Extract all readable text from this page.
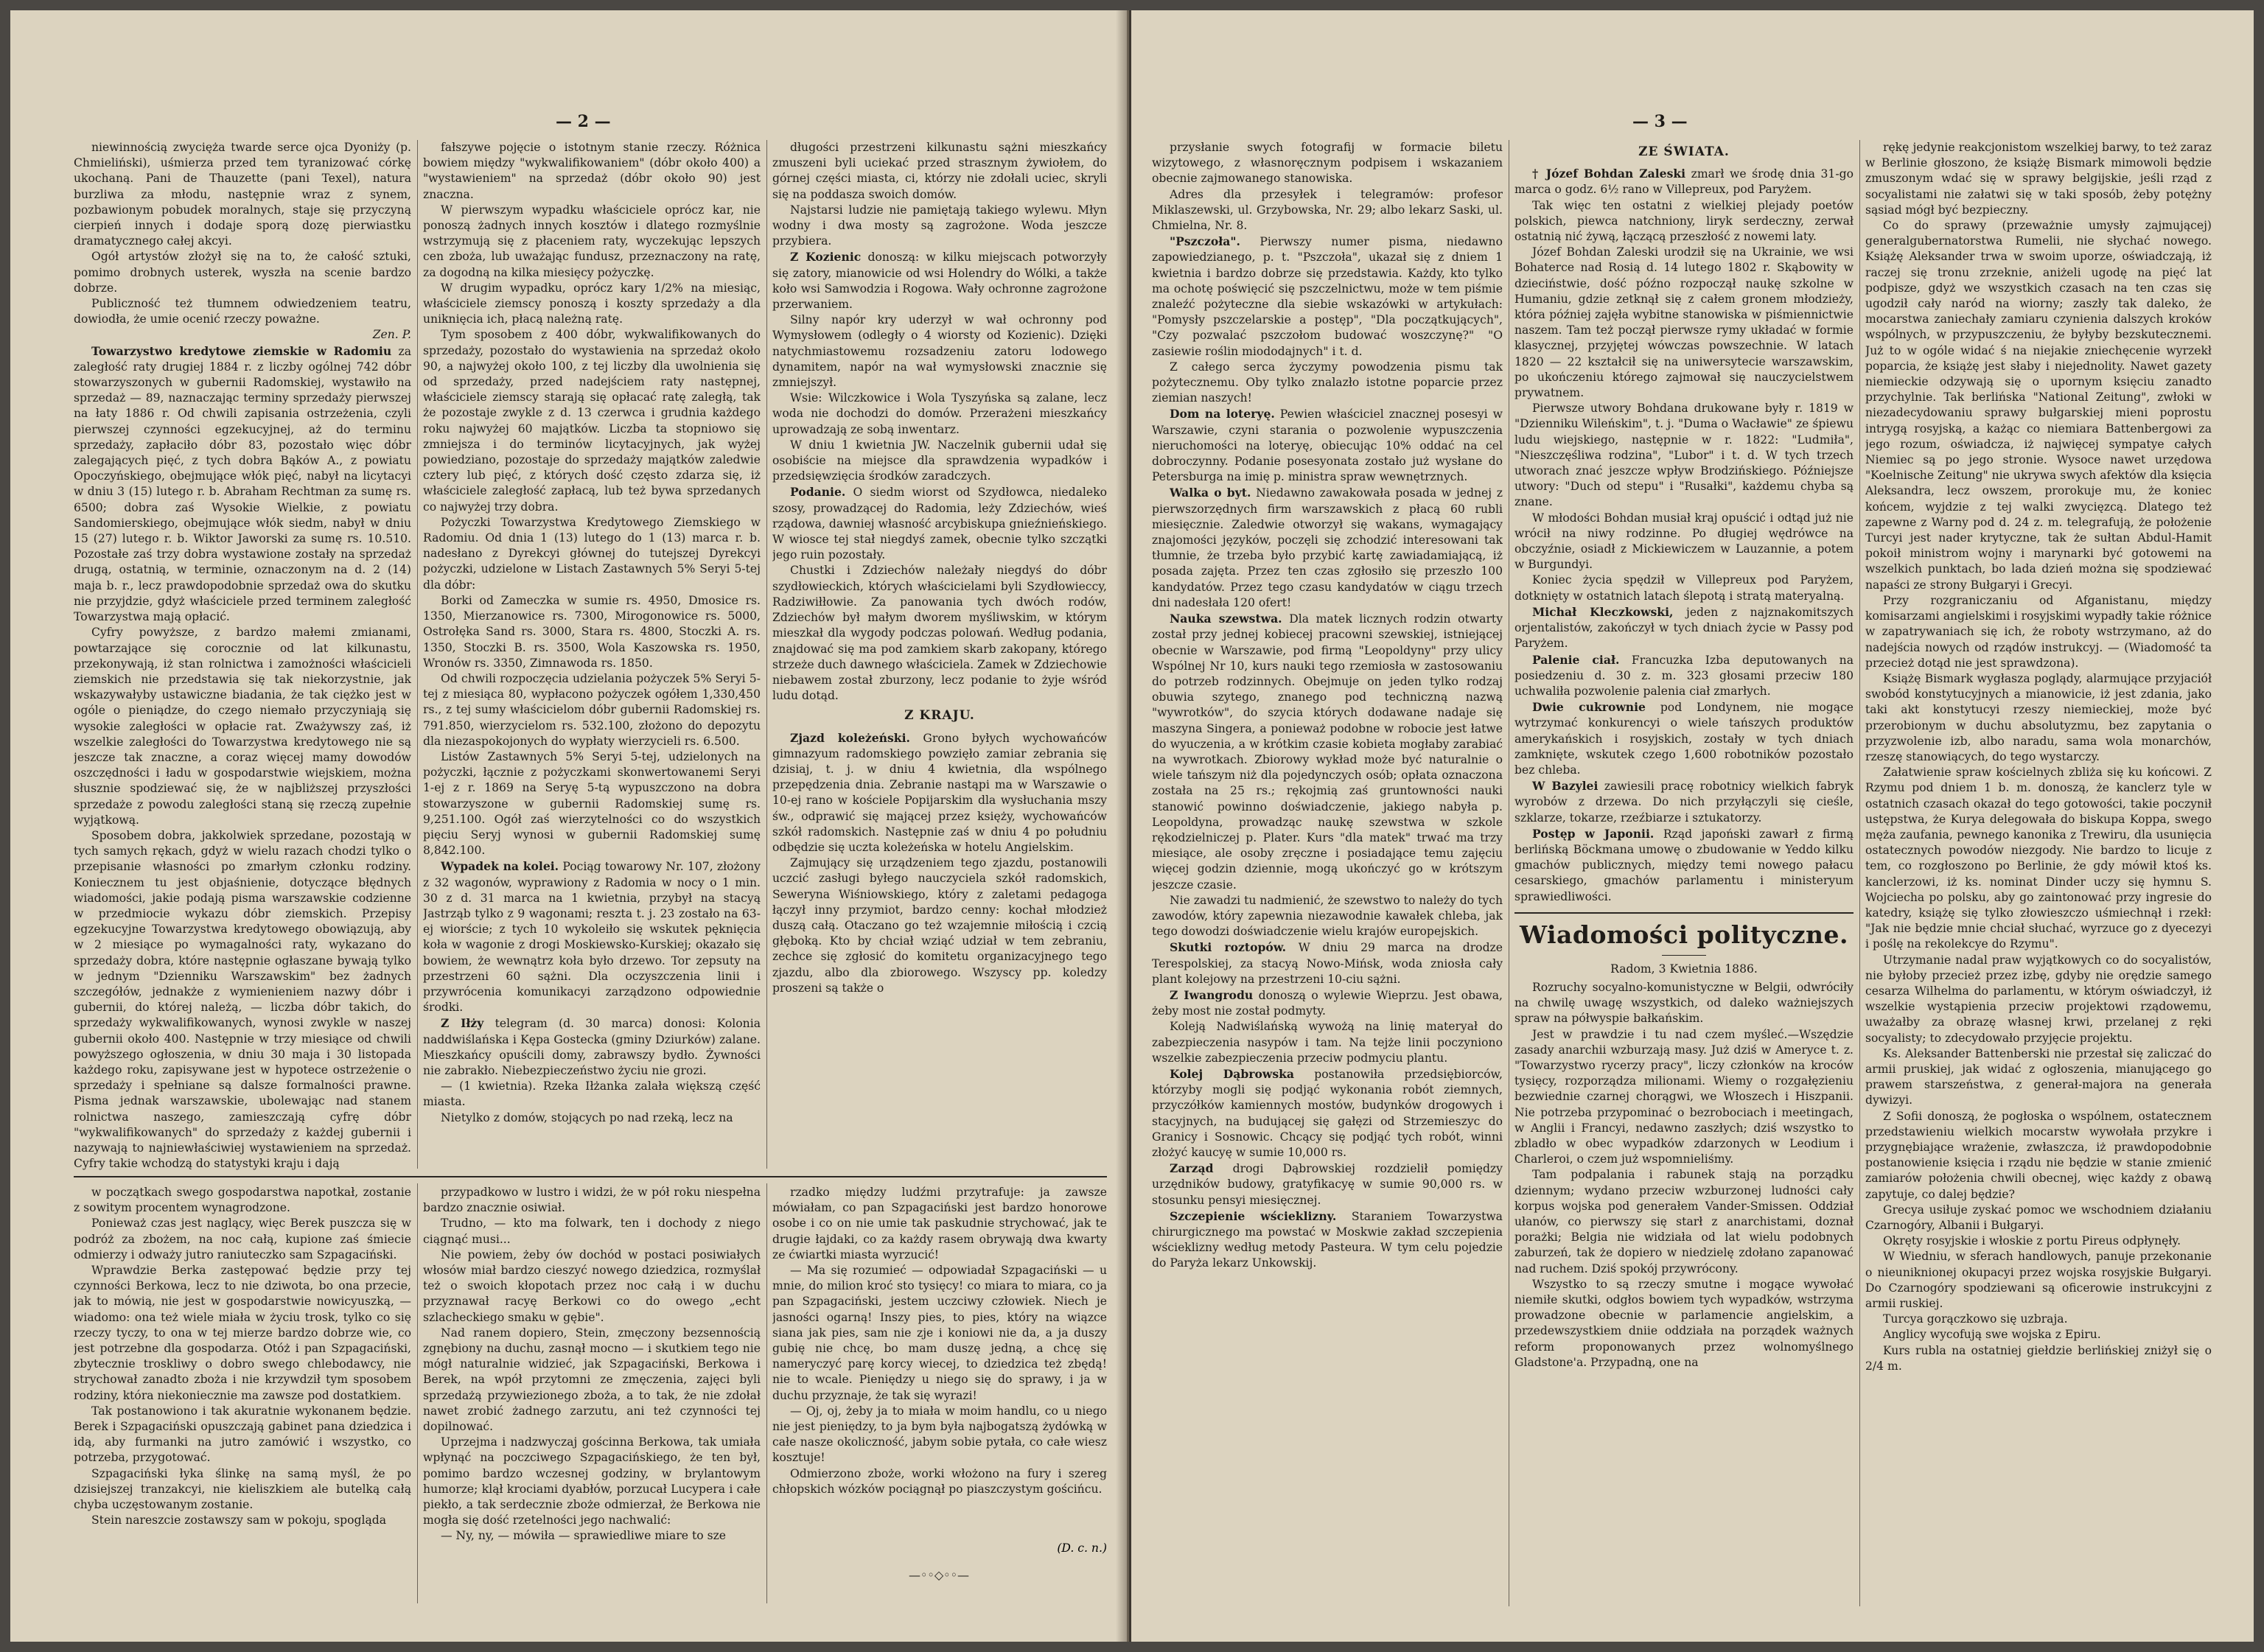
— 2 —

niewinnością zwycięża twarde serce ojca Dyoniży (p. Chmieliński), uśmierza przed tem tyranizować córkę ukochaną. Pani de Thauzette (pani Texel), natura burzliwa za młodu, następnie wraz z synem, pozbawionym pobudek moralnych, staje się przyczyną cierpień innych i dodaje sporą dozę pierwiastku dramatycznego całej akcyi.

Ogół artystów złożył się na to, że całość sztuki, pomimo drobnych usterek, wyszła na scenie bardzo dobrze.

Publiczność też tłumnem odwiedzeniem teatru, dowiodła, że umie ocenić rzeczy poważne.

Zen. P.

Towarzystwo kredytowe ziemskie w Radomiu za zaległość raty drugiej 1884 r. z liczby ogólnej 742 dóbr stowarzyszonych w gubernii Radomskiej, wystawiło na sprzedaż — 89, naznaczając terminy sprzedaży pierwszej na łaty 1886 r. Od chwili zapisania ostrzeżenia, czyli pierwszej czynności egzekucyjnej, aż do terminu sprzedaży, zapłaciło dóbr 83, pozostało więc dóbr zalegających pięć, z tych dobra Bąków A., z powiatu Opoczyńskiego, obejmujące włók pięć, nabył na licytacyi w dniu 3 (15) lutego r. b. Abraham Rechtman za sumę rs. 6500; dobra zaś Wysokie Wielkie, z powiatu Sandomierskiego, obejmujące włók siedm, nabył w dniu 15 (27) lutego r. b. Wiktor Jaworski za sumę rs. 10.510. Pozostałe zaś trzy dobra wystawione zostały na sprzedaż drugą, ostatnią, w terminie, oznaczonym na d. 2 (14) maja b. r., lecz prawdopodobnie sprzedaż owa do skutku nie przyjdzie, gdyż właściciele przed terminem zaległość Towarzystwa mają opłacić.

Cyfry powyższe, z bardzo małemi zmianami, powtarzające się corocznie od lat kilkunastu, przekonywają, iż stan rolnictwa i zamożności właścicieli ziemskich nie przedstawia się tak niekorzystnie, jak wskazywałyby ustawiczne biadania, że tak ciężko jest w ogóle o pieniądze, do czego niemało przyczyniają się wysokie zaległości w opłacie rat. Zważywszy zaś, iż wszelkie zaległości do Towarzystwa kredytowego nie są jeszcze tak znaczne, a coraz więcej mamy dowodów oszczędności i ładu w gospodarstwie wiejskiem, można słusznie spodziewać się, że w najbliższej przyszłości sprzedaże z powodu zaległości staną się rzeczą zupełnie wyjątkową.

Sposobem dobra, jakkolwiek sprzedane, pozostają w tych samych rękach, gdyż w wielu razach chodzi tylko o przepisanie własności po zmarłym członku rodziny. Koniecznem tu jest objaśnienie, dotyczące błędnych wiadomości, jakie podają pisma warszawskie codzienne w przedmiocie wykazu dóbr ziemskich. Przepisy egzekucyjne Towarzystwa kredytowego obowiązują, aby w 2 miesiące po wymagalności raty, wykazano do sprzedaży dobra, które następnie ogłaszane bywają tylko w jednym "Dzienniku Warszawskim" bez żadnych szczegółów, jednakże z wymienieniem nazwy dóbr i gubernii, do której należą, — liczba dóbr takich, do sprzedaży wykwalifikowanych, wynosi zwykle w naszej gubernii około 400. Następnie w trzy miesiące od chwili powyższego ogłoszenia, w dniu 30 maja i 30 listopada każdego roku, zapisywane jest w hypotece ostrzeżenie o sprzedaży i spełniane są dalsze formalności prawne. Pisma jednak warszawskie, ubolewając nad stanem rolnictwa naszego, zamieszczają cyfrę dóbr "wykwalifikowanych" do sprzedaży z każdej gubernii i nazywają to najniewłaściwiej wystawieniem na sprzedaż. Cyfry takie wchodzą do statystyki kraju i dają

fałszywe pojęcie o istotnym stanie rzeczy. Różnica bowiem między "wykwalifikowaniem" (dóbr około 400) a "wystawieniem" na sprzedaż (dóbr około 90) jest znaczna.

W pierwszym wypadku właściciele oprócz kar, nie ponoszą żadnych innych kosztów i dlatego rozmyślnie wstrzymują się z płaceniem raty, wyczekując lepszych cen zboża, lub uważając fundusz, przeznaczony na ratę, za dogodną na kilka miesięcy pożyczkę.

W drugim wypadku, oprócz kary 1/2% na miesiąc, właściciele ziemscy ponoszą i koszty sprzedaży a dla uniknięcia ich, płacą należną ratę.

Tym sposobem z 400 dóbr, wykwalifikowanych do sprzedaży, pozostało do wystawienia na sprzedaż około 90, a najwyżej około 100, z tej liczby dla uwolnienia się od sprzedaży, przed nadejściem raty następnej, właściciele ziemscy starają się opłacać ratę zaległą, tak że pozostaje zwykle z d. 13 czerwca i grudnia każdego roku najwyżej 60 majątków. Liczba ta stopniowo się zmniejsza i do terminów licytacyjnych, jak wyżej powiedziano, pozostaje do sprzedaży majątków zaledwie cztery lub pięć, z których dość często zdarza się, iż właściciele zaległość zapłacą, lub też bywa sprzedanych co najwyżej trzy dobra.

Pożyczki Towarzystwa Kredytowego Ziemskiego w Radomiu. Od dnia 1 (13) lutego do 1 (13) marca r. b. nadesłano z Dyrekcyi głównej do tutejszej Dyrekcyi pożyczki, udzielone w Listach Zastawnych 5% Seryi 5-tej dla dóbr:

Borki od Zameczka w sumie rs. 4950, Dmosice rs. 1350, Mierzanowice rs. 7300, Mirogonowice rs. 5000, Ostrołęka Sand rs. 3000, Stara rs. 4800, Stoczki A. rs. 1350, Stoczki B. rs. 3500, Wola Kaszowska rs. 1950, Wronów rs. 3350, Zimnawoda rs. 1850.

Od chwili rozpoczęcia udzielania pożyczek 5% Seryi 5-tej z miesiąca 80, wypłacono pożyczek ogółem 1,330,450 rs., z tej sumy właścicielom dóbr gubernii Radomskiej rs. 791.850, wierzycielom rs. 532.100, złożono do depozytu dla niezaspokojonych do wypłaty wierzycieli rs. 6.500.

Listów Zastawnych 5% Seryi 5-tej, udzielonych na pożyczki, łącznie z pożyczkami skonwertowanemi Seryi 1-ej z r. 1869 na Seryę 5-tą wypuszczono na dobra stowarzyszone w gubernii Radomskiej sumę rs. 9,251.100. Ogół zaś wierzytelności co do wszystkich pięciu Seryj wynosi w gubernii Radomskiej sumę 8,842.100.

Wypadek na kolei. Pociąg towarowy Nr. 107, złożony z 32 wagonów, wyprawiony z Radomia w nocy o 1 min. 30 z d. 31 marca na 1 kwietnia, przybył na stacyą Jastrząb tylko z 9 wagonami; reszta t. j. 23 zostało na 63-ej wiorście; z tych 10 wykoleiło się wskutek pęknięcia koła w wagonie z drogi Moskiewsko-Kurskiej; okazało się bowiem, że wewnątrz koła było drzewo. Tor zepsuty na przestrzeni 60 sążni. Dla oczyszczenia linii i przywrócenia komunikacyi zarządzono odpowiednie środki.

Z Iłży telegram (d. 30 marca) donosi: Kolonia naddwiślańska i Kępa Gostecka (gminy Dziurków) zalane. Mieszkańcy opuścili domy, zabrawszy bydło. Żywności nie zabrakło. Niebezpieczeństwo życiu nie grozi.

— (1 kwietnia). Rzeka Iłżanka zalała większą część miasta.

Nietylko z domów, stojących po nad rzeką, lecz na

długości przestrzeni kilkunastu sążni mieszkańcy zmuszeni byli uciekać przed strasznym żywiołem, do górnej części miasta, ci, którzy nie zdołali uciec, skryli się na poddasza swoich domów.

Najstarsi ludzie nie pamiętają takiego wylewu. Młyn wodny i dwa mosty są zagrożone. Woda jeszcze przybiera.

Z Kozienic donoszą: w kilku miejscach potworzyły się zatory, mianowicie od wsi Holendry do Wólki, a także koło wsi Samwodzia i Rogowa. Wały ochronne zagrożone przerwaniem.

Silny napór kry uderzył w wał ochronny pod Wymysłowem (odległy o 4 wiorsty od Kozienic). Dzięki natychmiastowemu rozsadzeniu zatoru lodowego dynamitem, napór na wał wymysłowski znacznie się zmniejszył.

Wsie: Wilczkowice i Wola Tyszyńska są zalane, lecz woda nie dochodzi do domów. Przerażeni mieszkańcy uprowadzają ze sobą inwentarz.

W dniu 1 kwietnia JW. Naczelnik gubernii udał się osobiście na miejsce dla sprawdzenia wypadków i przedsięwzięcia środków zaradczych.

Podanie. O siedm wiorst od Szydłowca, niedaleko szosy, prowadzącej do Radomia, leży Zdziechów, wieś rządowa, dawniej własność arcybiskupa gnieźnieńskiego. W wiosce tej stał niegdyś zamek, obecnie tylko szczątki jego ruin pozostały.

Chustki i Zdziechów należały niegdyś do dóbr szydłowieckich, których właścicielami byli Szydłowieccy, Radziwiłłowie. Za panowania tych dwóch rodów, Zdziechów był małym dworem myśliwskim, w którym mieszkał dla wygody podczas polowań. Według podania, znajdować się ma pod zamkiem skarb zakopany, którego strzeże duch dawnego właściciela. Zamek w Zdziechowie niebawem został zburzony, lecz podanie to żyje wśród ludu dotąd.

Z KRAJU.

Zjazd koleżeński. Grono byłych wychowańców gimnazyum radomskiego powzięło zamiar zebrania się dzisiaj, t. j. w dniu 4 kwietnia, dla wspólnego przepędzenia dnia. Zebranie nastąpi ma w Warszawie o 10-ej rano w kościele Popijarskim dla wysłuchania mszy św., odprawić się mającej przez księży, wychowańców szkół radomskich. Następnie zaś w dniu 4 po południu odbędzie się uczta koleżeńska w hotelu Angielskim.

Zajmujący się urządzeniem tego zjazdu, postanowili uczcić zasługi byłego nauczyciela szkół radomskich, Seweryna Wiśniowskiego, który z zaletami pedagoga łączył inny przymiot, bardzo cenny: kochał młodzież duszą całą. Otaczano go też wzajemnie miłością i czcią głęboką. Kto by chciał wziąć udział w tem zebraniu, zechce się zgłosić do komitetu organizacyjnego tego zjazdu, albo dla zbiorowego. Wszyscy pp. koledzy proszeni są także o

w początkach swego gospodarstwa napotkał, zostanie z sowitym procentem wynagrodzone.

Ponieważ czas jest naglący, więc Berek puszcza się w podróż za zbożem, na noc całą, kupione zaś śmiecie odmierzy i odważy jutro raniuteczko sam Szpagaciński.

Wprawdzie Berka zastępować będzie przy tej czynności Berkowa, lecz to nie dziwota, bo ona przecie, jak to mówią, nie jest w gospodarstwie nowicyuszką, — wiadomo: ona też wiele miała w życiu trosk, tylko co się rzeczy tyczy, to ona w tej mierze bardzo dobrze wie, co jest potrzebne dla gospodarza. Otóż i pan Szpagaciński, zbytecznie troskliwy o dobro swego chlebodawcy, nie strychował zanadto zboża i nie krzywdził tym sposobem rodziny, która niekoniecznie ma zawsze pod dostatkiem.

Tak postanowiono i tak akuratnie wykonanem będzie. Berek i Szpagaciński opuszczają gabinet pana dziedzica i idą, aby furmanki na jutro zamówić i wszystko, co potrzeba, przygotować.

Szpagaciński łyka ślinkę na samą myśl, że po dzisiejszej tranzakcyi, nie kieliszkiem ale butelką całą chyba uczęstowanym zostanie.

Stein nareszcie zostawszy sam w pokoju, spogląda

przypadkowo w lustro i widzi, że w pół roku niespełna bardzo znacznie osiwiał.

Trudno, — kto ma folwark, ten i dochody z niego ciągnąć musi...

Nie powiem, żeby ów dochód w postaci posiwiałych włosów miał bardzo cieszyć nowego dziedzica, rozmyślał też o swoich kłopotach przez noc całą i w duchu przyznawał racyę Berkowi co do owego „echt szlacheckiego smaku w gębie".

Nad ranem dopiero, Stein, zmęczony bezsennością zgnębiony na duchu, zasnął mocno — i skutkiem tego nie mógł naturalnie widzieć, jak Szpagaciński, Berkowa i Berek, na wpół przytomni ze zmęczenia, zajęci byli sprzedażą przywiezionego zboża, a to tak, że nie zdołał nawet zrobić żadnego zarzutu, ani też czynności tej dopilnować.

Uprzejma i nadzwyczaj gościnna Berkowa, tak umiała wpłynąć na poczciwego Szpagacińskiego, że ten był, pomimo bardzo wczesnej godziny, w brylantowym humorze; klął krociami dyabłów, porzucał Lucypera i całe piekło, a tak serdecznie zboże odmierzał, że Berkowa nie mogła się dość rzetelności jego nachwalić:

— Ny, ny, — mówiła — sprawiedliwe miare to sze

rzadko między ludźmi przytrafuje: ja zawsze mówiałam, co pan Szpagaciński jest bardzo honorowe osobe i co on nie umie tak paskudnie strychować, jak te drugie łajdaki, co za każdy rasem obrywają dwa kwarty ze ćwiartki miasta wyrzucić!

— Ma się rozumieć — odpowiadał Szpagaciński — u mnie, do milion kroć sto tysięcy! co miara to miara, co ja pan Szpagaciński, jestem uczciwy człowiek. Niech je jasności ogarną! Inszy pies, to pies, który na wiązce siana jak pies, sam nie zje i koniowi nie da, a ja duszy gubię nie chcę, bo mam duszę jedną, a chcę się nameryczyć parę korcy wiecej, to dziedzica też zbędą! nie to wcale. Pieniędzy u niego się do sprawy, i ja w duchu przyznaje, że tak się wyrazi!

— Oj, oj, żeby ja to miała w moim handlu, co u niego nie jest pieniędzy, to ja bym była najbogatszą żydówką w całe nasze okoliczność, jabym sobie pytała, co całe wiesz kosztuje!

Odmierzono zboże, worki włożono na fury i szereg chłopskich wózków pociągnął po piaszczystym gościńcu.

(D. c. n.)
—◦◦◇◦◦—
— 3 —

przysłanie swych fotografij w formacie biletu wizytowego, z własnoręcznym podpisem i wskazaniem obecnie zajmowanego stanowiska.

Adres dla przesyłek i telegramów: profesor Miklaszewski, ul. Grzybowska, Nr. 29; albo lekarz Saski, ul. Chmielna, Nr. 8.

"Pszczoła". Pierwszy numer pisma, niedawno zapowiedzianego, p. t. "Pszczoła", ukazał się z dniem 1 kwietnia i bardzo dobrze się przedstawia. Każdy, kto tylko ma ochotę poświęcić się pszczelnictwu, może w tem piśmie znaleźć pożyteczne dla siebie wskazówki w artykułach: "Pomysły pszczelarskie a postęp", "Dla początkujących", "Czy pozwalać pszczołom budować woszczynę?" "O zasiewie roślin miododajnych" i t. d.

Z całego serca życzymy powodzenia pismu tak pożytecznemu. Oby tylko znalazło istotne poparcie przez ziemian naszych!

Dom na loteryę. Pewien właściciel znacznej posesyi w Warszawie, czyni starania o pozwolenie wypuszczenia nieruchomości na loteryę, obiecując 10% oddać na cel dobroczynny. Podanie posesyonata zostało już wysłane do Petersburga na imię p. ministra spraw wewnętrznych.

Walka o byt. Niedawno zawakowała posada w jednej z pierwszorzędnych firm warszawskich z płacą 60 rubli miesięcznie. Zaledwie otworzył się wakans, wymagający znajomości języków, poczęli się zchodzić interesowani tak tłumnie, że trzeba było przybić kartę zawiadamiającą, iż posada zajęta. Przez ten czas zgłosiło się przeszło 100 kandydatów. Przez tego czasu kandydatów w ciągu trzech dni nadesłała 120 ofert!

Nauka szewstwa. Dla matek licznych rodzin otwarty został przy jednej kobiecej pracowni szewskiej, istniejącej obecnie w Warszawie, pod firmą "Leopoldyny" przy ulicy Wspólnej Nr 10, kurs nauki tego rzemiosła w zastosowaniu do potrzeb rodzinnych. Obejmuje on jeden tylko rodzaj obuwia szytego, znanego pod techniczną nazwą "wywrotków", do szycia których dodawane nadaje się maszyna Singera, a ponieważ podobne w robocie jest łatwe do wyuczenia, a w krótkim czasie kobieta mogłaby zarabiać na wywrotkach. Zbiorowy wykład może być naturalnie o wiele tańszym niż dla pojedynczych osób; opłata oznaczona została na 25 rs.; rękojmią zaś gruntowności nauki stanowić powinno doświadczenie, jakiego nabyła p. Leopoldyna, prowadząc naukę szewstwa w szkole rękodzielniczej p. Plater. Kurs "dla matek" trwać ma trzy miesiące, ale osoby zręczne i posiadające temu zajęciu więcej godzin dziennie, mogą ukończyć go w krótszym jeszcze czasie.

Nie zawadzi tu nadmienić, że szewstwo to należy do tych zawodów, który zapewnia niezawodnie kawałek chleba, jak tego dowodzi doświadczenie wielu krajów europejskich.

Skutki roztopów. W dniu 29 marca na drodze Terespolskiej, za stacyą Nowo-Mińsk, woda zniosła cały plant kolejowy na przestrzeni 10-ciu sążni.

Z Iwangrodu donoszą o wylewie Wieprzu. Jest obawa, żeby most nie został podmyty.

Koleją Nadwiślańską wywożą na linię materyał do zabezpieczenia nasypów i tam. Na tejże linii poczyniono wszelkie zabezpieczenia przeciw podmyciu plantu.

Kolej Dąbrowska postanowiła przedsiębiorców, którzyby mogli się podjąć wykonania robót ziemnych, przyczółków kamiennych mostów, budynków drogowych i stacyjnych, na budującej się gałęzi od Strzemieszyc do Granicy i Sosnowic. Chcący się podjąć tych robót, winni złożyć kaucyę w sumie 10,000 rs.

Zarząd drogi Dąbrowskiej rozdzielił pomiędzy urzędników budowy, gratyfikacyę w sumie 90,000 rs. w stosunku pensyi miesięcznej.

Szczepienie wścieklizny. Staraniem Towarzystwa chirurgicznego ma powstać w Moskwie zakład szczepienia wścieklizny według metody Pasteura. W tym celu pojedzie do Paryża lekarz Unkowskij.

ZE ŚWIATA.

† Józef Bohdan Zaleski zmarł we środę dnia 31-go marca o godz. 6½ rano w Villepreux, pod Paryżem.

Tak więc ten ostatni z wielkiej plejady poetów polskich, piewca natchniony, liryk serdeczny, zerwał ostatnią nić żywą, łączącą przeszłość z nowemi laty.

Józef Bohdan Zaleski urodził się na Ukrainie, we wsi Bohaterce nad Rosią d. 14 lutego 1802 r. Skąbowity w dzieciństwie, dość późno rozpoczął naukę szkolne w Humaniu, gdzie zetknął się z całem gronem młodzieży, która później zajęła wybitne stanowiska w piśmiennictwie naszem. Tam też począł pierwsze rymy układać w formie klasycznej, przyjętej wówczas powszechnie. W latach 1820 — 22 kształcił się na uniwersytecie warszawskim, po ukończeniu którego zajmował się nauczycielstwem prywatnem.

Pierwsze utwory Bohdana drukowane były r. 1819 w "Dzienniku Wileńskim", t. j. "Duma o Wacławie" ze śpiewu ludu wiejskiego, następnie w r. 1822: "Ludmiła", "Nieszczęśliwa rodzina", "Lubor" i t. d. W tych trzech utworach znać jeszcze wpływ Brodzińskiego. Późniejsze utwory: "Duch od stepu" i "Rusałki", każdemu chyba są znane.

W młodości Bohdan musiał kraj opuścić i odtąd już nie wrócił na niwy rodzinne. Po długiej wędrówce na obczyźnie, osiadł z Mickiewiczem w Lauzannie, a potem w Burgundyi.

Koniec życia spędził w Villepreux pod Paryżem, dotknięty w ostatnich latach ślepotą i stratą materyalną.

Michał Kleczkowski, jeden z najznakomitszych orjentalistów, zakończył w tych dniach życie w Passy pod Paryżem.

Palenie ciał. Francuzka Izba deputowanych na posiedzeniu d. 30 z. m. 323 głosami przeciw 180 uchwaliła pozwolenie palenia ciał zmarłych.

Dwie cukrownie pod Londynem, nie mogące wytrzymać konkurencyi o wiele tańszych produktów amerykańskich i rosyjskich, zostały w tych dniach zamknięte, wskutek czego 1,600 robotników pozostało bez chleba.

W Bazylei zawiesili pracę robotnicy wielkich fabryk wyrobów z drzewa. Do nich przyłączyli się cieśle, szklarze, tokarze, rzeźbiarze i sztukatorzy.

Postęp w Japonii. Rząd japoński zawarł z firmą berlińską Böckmana umowę o zbudowanie w Yeddo kilku gmachów publicznych, między temi nowego pałacu cesarskiego, gmachów parlamentu i ministeryum sprawiedliwości.

Wiadomości polityczne.
Radom, 3 Kwietnia 1886.

Rozruchy socyalno-komunistyczne w Belgii, odwróciły na chwilę uwagę wszystkich, od daleko ważniejszych spraw na półwyspie bałkańskim.

Jest w prawdzie i tu nad czem myśleć.—Wszędzie zasady anarchii wzburzają masy. Już dziś w Ameryce t. z. "Towarzystwo rycerzy pracy", liczy członków na kroców tysięcy, rozporządza milionami. Wiemy o rozgałęzieniu bezwiednie czarnej chorągwi, we Włoszech i Hiszpanii. Nie potrzeba przypominać o bezrobociach i meetingach, w Anglii i Francyi, nedawno zaszłych; dziś wszystko to zbladło w obec wypadków zdarzonych w Leodium i Charleroi, o czem już wspomnieliśmy.

Tam podpalania i rabunek stają na porządku dziennym; wydano przeciw wzburzonej ludności cały korpus wojska pod generałem Vander-Smissen. Oddział ułanów, co pierwszy się starł z anarchistami, doznał porażki; Belgia nie widziała od lat wielu podobnych zaburzeń, tak że dopiero w niedzielę zdołano zapanować nad ruchem. Dziś spokój przywrócony.

Wszystko to są rzeczy smutne i mogące wywołać niemiłe skutki, odgłos bowiem tych wypadków, wstrzyma prowadzone obecnie w parlamencie angielskim, a przedewszystkiem dniie oddziała na porządek ważnych reform proponowanych przez wolnomyślnego Gladstone'a. Przypadną, one na

rękę jedynie reakcjonistom wszelkiej barwy, to też zaraz w Berlinie głoszono, że książę Bismark mimowoli będzie zmuszonym wdać się w sprawy belgijskie, jeśli rząd z socyalistami nie załatwi się w taki sposób, żeby potężny sąsiad mógł być bezpieczny.

Co do sprawy (przeważnie umysły zajmującej) generalgubernatorstwa Rumelii, nie słychać nowego. Książę Aleksander trwa w swoim uporze, oświadczają, iż raczej się tronu zrzeknie, aniżeli ugodę na pięć lat podpisze, gdyż we wszystkich czasach na ten czas się ugodził cały naród na wiorny; zaszły tak daleko, że mocarstwa zaniechały zamiaru czynienia dalszych kroków wspólnych, w przypuszczeniu, że byłyby bezskutecznemi. Już to w ogóle widać ś na niejakie zniechęcenie wyrzekł poparcia, że książę jest słaby i niejednolity. Nawet gazety niemieckie odzywają się o upornym księciu zanadto przychylnie. Tak berlińska "National Zeitung", zwłoki w niezadecydowaniu sprawy bułgarskiej mieni poprostu intrygą rosyjską, a każąc co niemiara Battenbergowi za jego rozum, oświadcza, iż najwięcej sympatye całych Niemiec są po jego stronie. Wysoce nawet urzędowa "Koelnische Zeitung" nie ukrywa swych afektów dla księcia Aleksandra, lecz owszem, prorokuje mu, że koniec końcem, wyjdzie z tej walki zwycięzcą. Dlatego też zapewne z Warny pod d. 24 z. m. telegrafują, że położenie Turcyi jest nader krytyczne, tak że sułtan Abdul-Hamit pokoił ministrom wojny i marynarki być gotowemi na wszelkich punktach, bo lada dzień można się spodziewać napaści ze strony Bułgaryi i Grecyi.

Przy rozgraniczaniu od Afganistanu, między komisarzami angielskimi i rosyjskimi wypadły takie różnice w zapatrywaniach się ich, że roboty wstrzymano, aż do nadejścia nowych od rządów instrukcyj. — (Wiadomość ta przecież dotąd nie jest sprawdzona).

Książę Bismark wygłasza poglądy, alarmujące przyjaciół swobód konstytucyjnych a mianowicie, iż jest zdania, jako taki akt konstytucyi rzeszy niemieckiej, może być przerobionym w duchu absolutyzmu, bez zapytania o przyzwolenie izb, albo naradu, sama wola monarchów, rzeszę stanowiących, do tego wystarczy.

Załatwienie spraw kościelnych zbliża się ku końcowi. Z Rzymu pod dniem 1 b. m. donoszą, że kanclerz tyle w ostatnich czasach okazał do tego gotowości, takie poczynił ustępstwa, że Kurya delegowała do biskupa Koppa, swego męża zaufania, pewnego kanonika z Trewiru, dla usunięcia ostatecznych powodów niezgody. Nie bardzo to licuje z tem, co rozgłoszono po Berlinie, że gdy mówił ktoś ks. kanclerzowi, iż ks. nominat Dinder uczy się hymnu S. Wojciecha po polsku, aby go zaintonować przy ingresie do katedry, książę się tylko złowieszczo uśmiechnął i rzekł: "Jak nie będzie mnie chciał słuchać, wyrzuce go z dyecezyi i poślę na rekolekcye do Rzymu".

Utrzymanie nadal praw wyjątkowych co do socyalistów, nie byłoby przecież przez izbę, gdyby nie orędzie samego cesarza Wilhelma do parlamentu, w którym oświadczył, iż wszelkie wystąpienia przeciw projektowi rządowemu, uważałby za obrazę własnej krwi, przelanej z ręki socyalisty; to zdecydowało przyjęcie projektu.

Ks. Aleksander Battenberski nie przestał się zaliczać do armii pruskiej, jak widać z ogłoszenia, mianującego go prawem starszeństwa, z generał-majora na generała dywizyi.

Z Sofii donoszą, że pogłoska o wspólnem, ostatecznem przedstawieniu wielkich mocarstw wywołała przykre i przygnębiające wrażenie, zwłaszcza, iż prawdopodobnie postanowienie księcia i rządu nie będzie w stanie zmienić zamiarów położenia chwili obecnej, więc każdy z obawą zapytuje, co dalej będzie?

Grecya usiłuje zyskać pomoc we wschodniem działaniu Czarnogóry, Albanii i Bułgaryi.

Okręty rosyjskie i włoskie z portu Pireus odpłynęły.

W Wiedniu, w sferach handlowych, panuje przekonanie o nieuniknionej okupacyi przez wojska rosyjskie Bułgaryi. Do Czarnogóry spodziewani są oficerowie instrukcyjni z armii ruskiej.

Turcya gorączkowo się uzbraja.

Anglicy wycofują swe wojska z Epiru.

Kurs rubla na ostatniej giełdzie berlińskiej zniżył się o 2/4 m.
